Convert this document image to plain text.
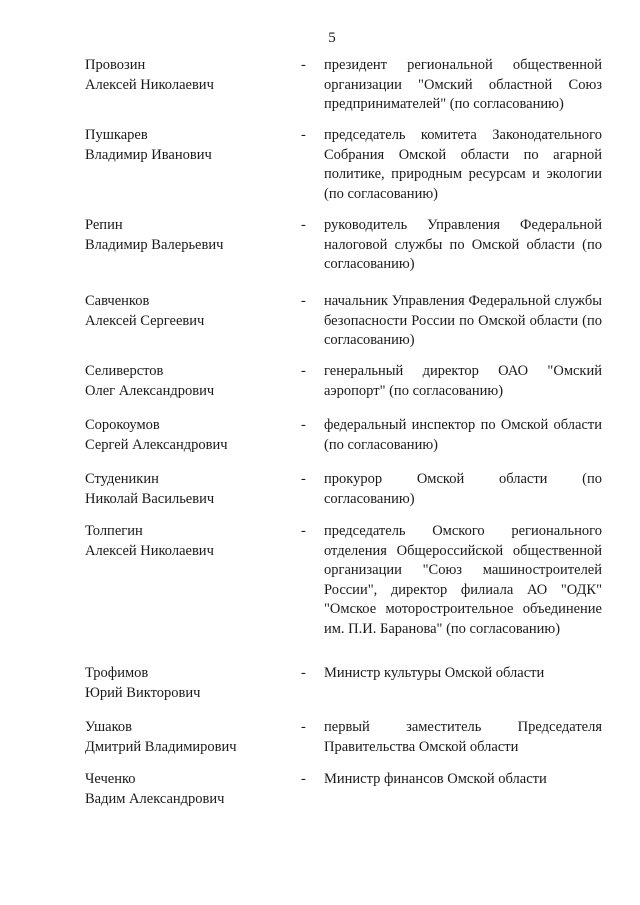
5
Провозин
Алексей Николаевич
- президент региональной общественной организации "Омский областной Союз предпринимателей" (по согласованию)
Пушкарев
Владимир Иванович
- председатель комитета Законодательного Собрания Омской области по агарной политике, природным ресурсам и экологии (по согласованию)
Репин
Владимир Валерьевич
- руководитель Управления Федеральной налоговой службы по Омской области (по согласованию)
Савченков
Алексей Сергеевич
- начальник Управления Федеральной службы безопасности России по Омской области (по согласованию)
Селиверстов
Олег Александрович
- генеральный директор ОАО "Омский аэропорт" (по согласованию)
Сорокоумов
Сергей Александрович
- федеральный инспектор по Омской области (по согласованию)
Студеникин
Николай Васильевич
- прокурор Омской области (по согласованию)
Толпегин
Алексей Николаевич
- председатель Омского регионального отделения Общероссийской общественной организации "Союз машиностроителей России", директор филиала АО "ОДК" "Омское моторостроительное объединение им. П.И. Баранова" (по согласованию)
Трофимов
Юрий Викторович
- Министр культуры Омской области
Ушаков
Дмитрий Владимирович
- первый заместитель Председателя Правительства Омской области
Чеченко
Вадим Александрович
- Министр финансов Омской области
